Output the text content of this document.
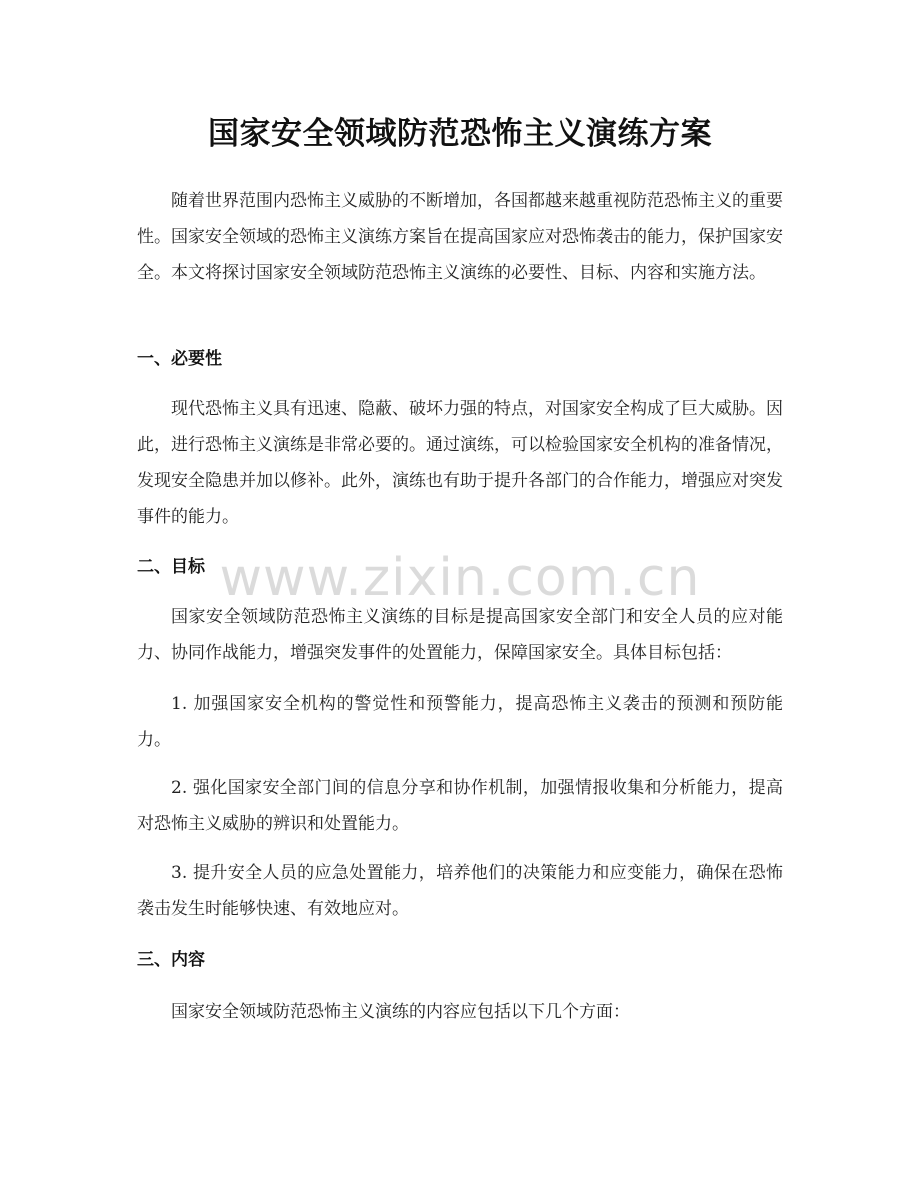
国家安全领域防范恐怖主义演练方案

随着世界范围内恐怖主义威胁的不断增加，各国都越来越重视防范恐怖主义的重要性。国家安全领域的恐怖主义演练方案旨在提高国家应对恐怖袭击的能力，保护国家安全。本文将探讨国家安全领域防范恐怖主义演练的必要性、目标、内容和实施方法。

一、必要性

现代恐怖主义具有迅速、隐蔽、破坏力强的特点，对国家安全构成了巨大威胁。因此，进行恐怖主义演练是非常必要的。通过演练，可以检验国家安全机构的准备情况，发现安全隐患并加以修补。此外，演练也有助于提升各部门的合作能力，增强应对突发事件的能力。

二、目标

国家安全领域防范恐怖主义演练的目标是提高国家安全部门和安全人员的应对能力、协同作战能力，增强突发事件的处置能力，保障国家安全。具体目标包括：

1. 加强国家安全机构的警觉性和预警能力，提高恐怖主义袭击的预测和预防能力。

2. 强化国家安全部门间的信息分享和协作机制，加强情报收集和分析能力，提高对恐怖主义威胁的辨识和处置能力。

3. 提升安全人员的应急处置能力，培养他们的决策能力和应变能力，确保在恐怖袭击发生时能够快速、有效地应对。

三、内容

国家安全领域防范恐怖主义演练的内容应包括以下几个方面：

www.zixin.com.cn
